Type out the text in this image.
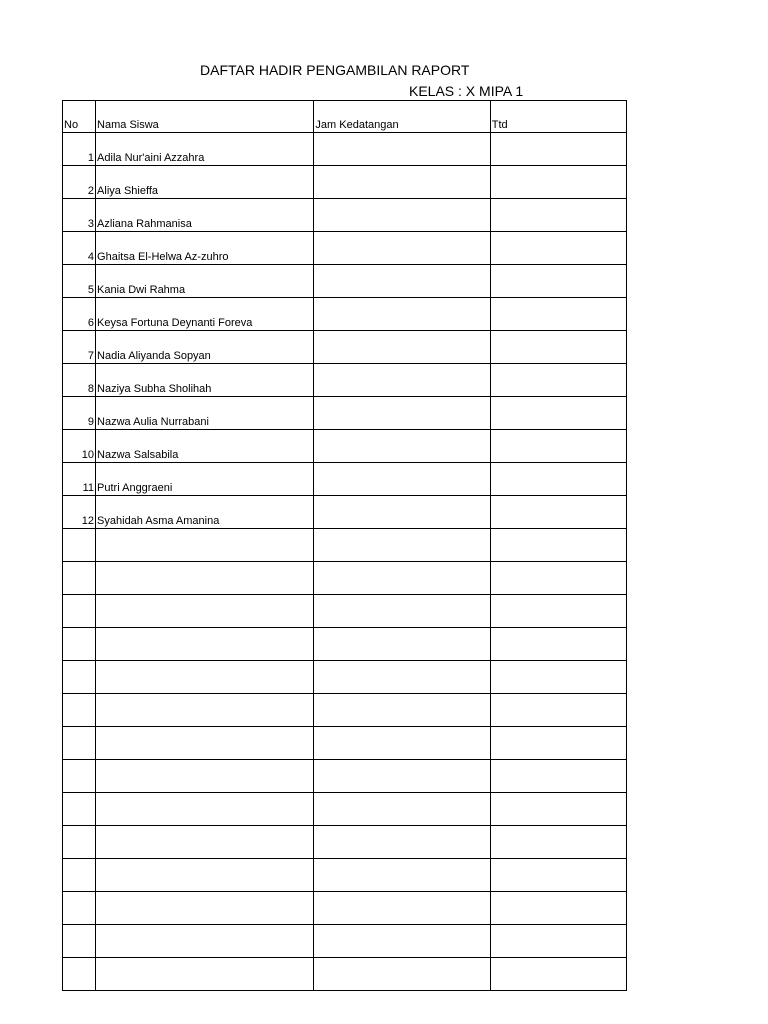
DAFTAR HADIR PENGAMBILAN RAPORT
KELAS : X MIPA 1
No	Nama Siswa	Jam Kedatangan	Ttd
1	Adila Nur'aini Azzahra		
2	Aliya Shieffa		
3	Azliana Rahmanisa		
4	Ghaitsa El-Helwa Az-zuhro		
5	Kania Dwi Rahma		
6	Keysa Fortuna Deynanti Foreva		
7	Nadia Aliyanda Sopyan		
8	Naziya Subha Sholihah		
9	Nazwa Aulia Nurrabani		
10	Nazwa Salsabila		
11	Putri Anggraeni		
12	Syahidah Asma Amanina		
